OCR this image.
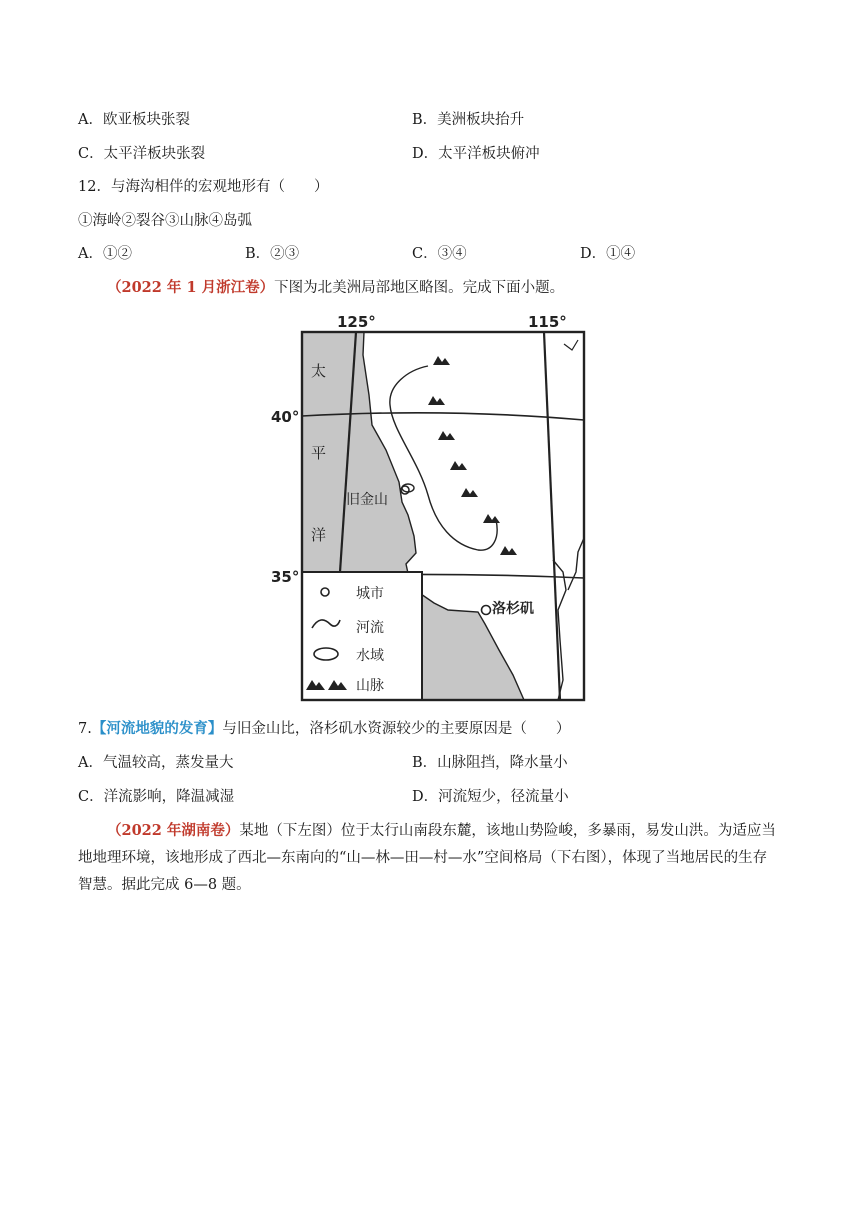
A．欧亚板块张裂	B．美洲板块抬升
C．太平洋板块张裂	D．太平洋板块俯冲
12．与海沟相伴的宏观地形有（　　）
①海岭②裂谷③山脉④岛弧
A．①②	B．②③	C．③④	D．①④
（2022 年 1 月浙江卷）下图为北美洲局部地区略图。完成下面小题。
旧金山
洛杉矶
太
平
洋
125°	115°
40°
35°
城市
河流
水域
山脉
7.【河流地貌的发育】与旧金山比，洛杉矶水资源较少的主要原因是（　　）
A．气温较高，蒸发量大	B．山脉阻挡，降水量小
C．洋流影响，降温减湿	D．河流短少，径流量小
（2022 年湖南卷）某地（下左图）位于太行山南段东麓，该地山势险峻，多暴雨，易发山洪。为适应当地地理环境，该地形成了西北—东南向的“山—林—田—村—水”空间格局（下右图），体现了当地居民的生存智慧。据此完成 6—8 题。
